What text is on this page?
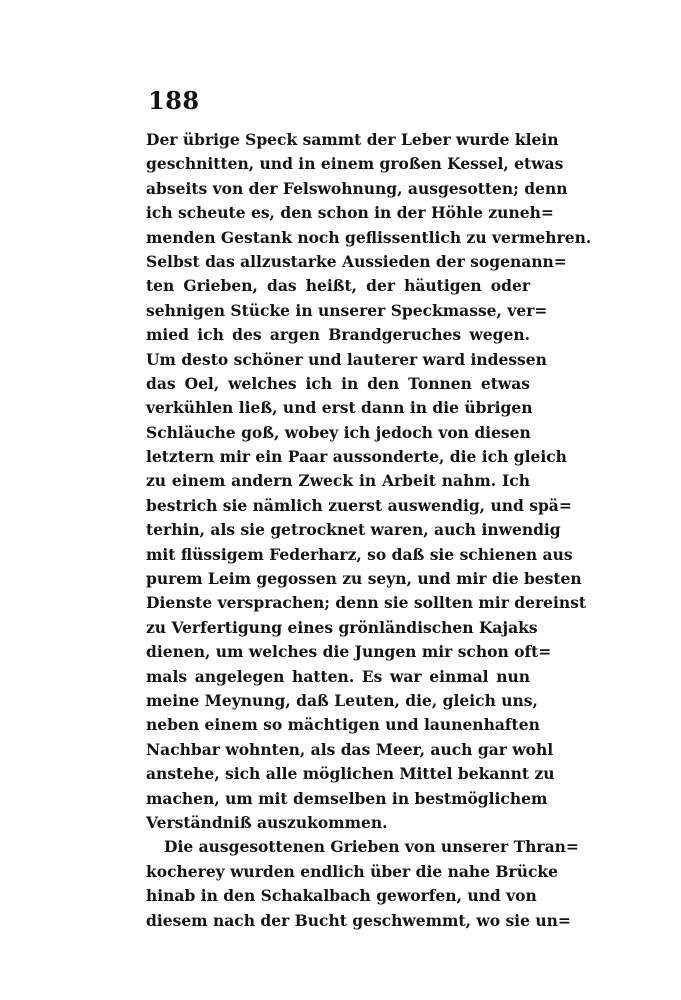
188
Der übrige Speck sammt der Leber wurde klein
geschnitten, und in einem großen Kessel, etwas
abseits von der Felswohnung, ausgesotten; denn
ich scheute es, den schon in der Höhle zuneh=
menden Gestank noch geflissentlich zu vermehren.
Selbst das allzustarke Aussieden der sogenann=
ten Grieben, das heißt, der häutigen oder
sehnigen Stücke in unserer Speckmasse, ver=
mied ich des argen Brandgeruches wegen.
Um desto schöner und lauterer ward indessen
das Oel, welches ich in den Tonnen etwas
verkühlen ließ, und erst dann in die übrigen
Schläuche goß, wobey ich jedoch von diesen
letztern mir ein Paar aussonderte, die ich gleich
zu einem andern Zweck in Arbeit nahm. Ich
bestrich sie nämlich zuerst auswendig, und spä=
terhin, als sie getrocknet waren, auch inwendig
mit flüssigem Federharz, so daß sie schienen aus
purem Leim gegossen zu seyn, und mir die besten
Dienste versprachen; denn sie sollten mir dereinst
zu Verfertigung eines grönländischen Kajaks
dienen, um welches die Jungen mir schon oft=
mals angelegen hatten. Es war einmal nun
meine Meynung, daß Leuten, die, gleich uns,
neben einem so mächtigen und launenhaften
Nachbar wohnten, als das Meer, auch gar wohl
anstehe, sich alle möglichen Mittel bekannt zu
machen, um mit demselben in bestmöglichem
Verständniß auszukommen.
Die ausgesottenen Grieben von unserer Thran=
kocherey wurden endlich über die nahe Brücke
hinab in den Schakalbach geworfen, und von
diesem nach der Bucht geschwemmt, wo sie un=
